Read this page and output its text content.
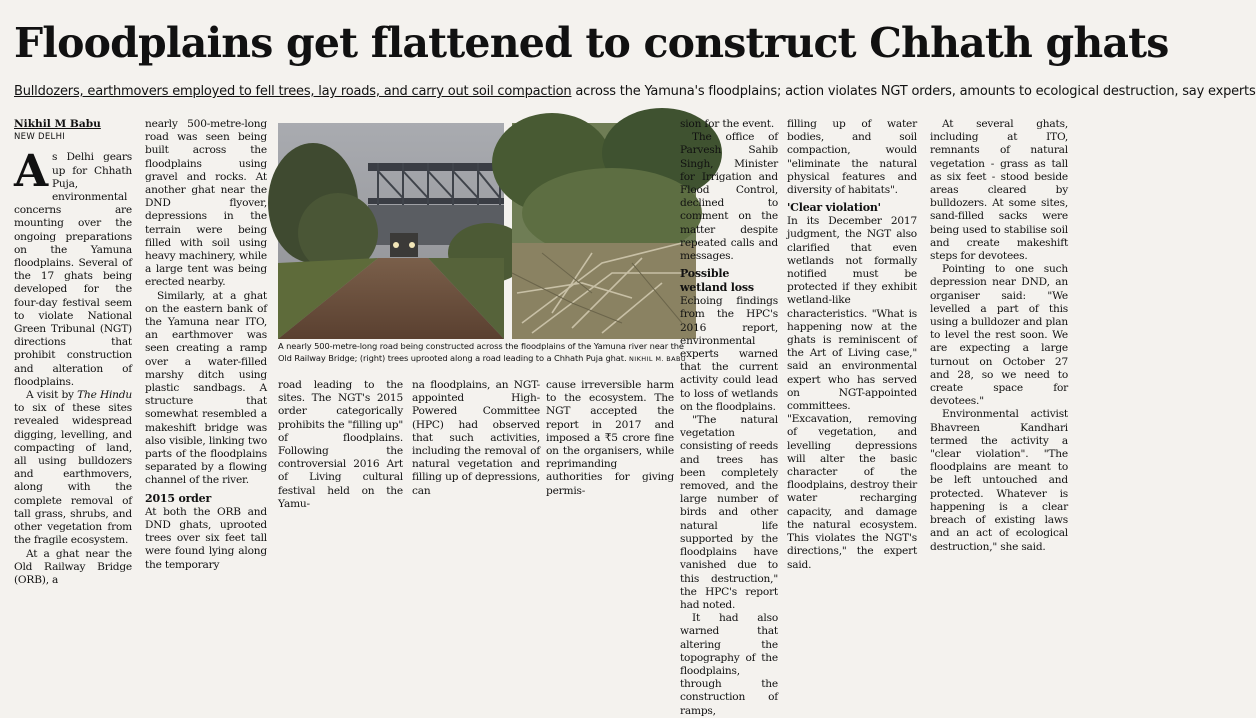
Floodplains get flattened to construct Chhath ghats
Bulldozers, earthmovers employed to fell trees, lay roads, and carry out soil compaction across the Yamuna's floodplains; action violates NGT orders, amounts to ecological destruction, say experts
Nikhil M Babu
NEW DELHI
A s Delhi gears up for Chhath Puja, environmental concerns are mounting over the ongoing preparations on the Yamuna floodplains. Several of the 17 ghats being developed for the four-day festival seem to violate National Green Tribunal (NGT) directions that prohibit construction and alteration of floodplains.

A visit by The Hindu to six of these sites revealed widespread digging, levelling, and compacting of land, all using bulldozers and earthmovers, along with the complete removal of tall grass, shrubs, and other vegetation from the fragile ecosystem.

At a ghat near the Old Railway Bridge (ORB), a

nearly 500-metre-long road was seen being built across the floodplains using gravel and rocks. At another ghat near the DND flyover, depressions in the terrain were being filled with soil using heavy machinery, while a large tent was being erected nearby.

Similarly, at a ghat on the eastern bank of the Yamuna near ITO, an earthmover was seen creating a ramp over a water-filled marshy ditch using plastic sandbags. A structure that somewhat resembled a makeshift bridge was also visible, linking two parts of the floodplains separated by a flowing channel of the river.

2015 order

At both the ORB and DND ghats, uprooted trees over six feet tall were found lying along the temporary

A nearly 500-metre-long road being constructed across the floodplains of the Yamuna river near the Old Railway Bridge; (right) trees uprooted along a road leading to a Chhath Puja ghat. NIKHIL M. BABU

road leading to the sites. The NGT's 2015 order categorically prohibits the "filling up" of floodplains. Following the controversial 2016 Art of Living cultural festival held on the Yamu-

na floodplains, an NGT-appointed High-Powered Committee (HPC) had observed that such activities, including the removal of natural vegetation and filling up of depressions, can

sion for the event.

The office of Parvesh Sahib Singh, Minister for Irrigation and Flood Control, declined to comment on the matter despite repeated calls and messages.

Possible wetland loss

Echoing findings from the HPC's 2016 report, environmental experts warned that the current activity could lead to loss of wetlands on the floodplains.

"The natural vegetation consisting of reeds and trees has been completely removed, and the large number of birds and other natural life supported by the floodplains have vanished due to this destruction," the HPC's report had noted.

It had also warned that altering the topography of the floodplains, through the construction of ramps,

filling up of water bodies, and soil compaction, would "eliminate the natural physical features and diversity of habitats".

'Clear violation'

In its December 2017 judgment, the NGT also clarified that even wetlands not formally notified must be protected if they exhibit wetland-like characteristics. "What is happening now at the ghats is reminiscent of the Art of Living case," said an environmental expert who has served on NGT-appointed committees. "Excavation, removing of vegetation, and levelling depressions will alter the basic character of the floodplains, destroy their water recharging capacity, and damage the natural ecosystem. This violates the NGT's directions," the expert said.

At several ghats, including at ITO, remnants of natural vegetation - grass as tall as six feet - stood beside areas cleared by bulldozers. At some sites, sand-filled sacks were being used to stabilise soil and create makeshift steps for devotees.

Pointing to one such depression near DND, an organiser said: "We levelled a part of this using a bulldozer and plan to level the rest soon. We are expecting a large turnout on October 27 and 28, so we need to create space for devotees."

Environmental activist Bhavreen Kandhari termed the activity a "clear violation". "The floodplains are meant to be left untouched and protected. Whatever is happening is a clear breach of existing laws and an act of ecological destruction," she said.

cause irreversible harm to the ecosystem. The NGT accepted the report in 2017 and imposed a ₹5 crore fine on the organisers, while reprimanding authorities for giving permis-
